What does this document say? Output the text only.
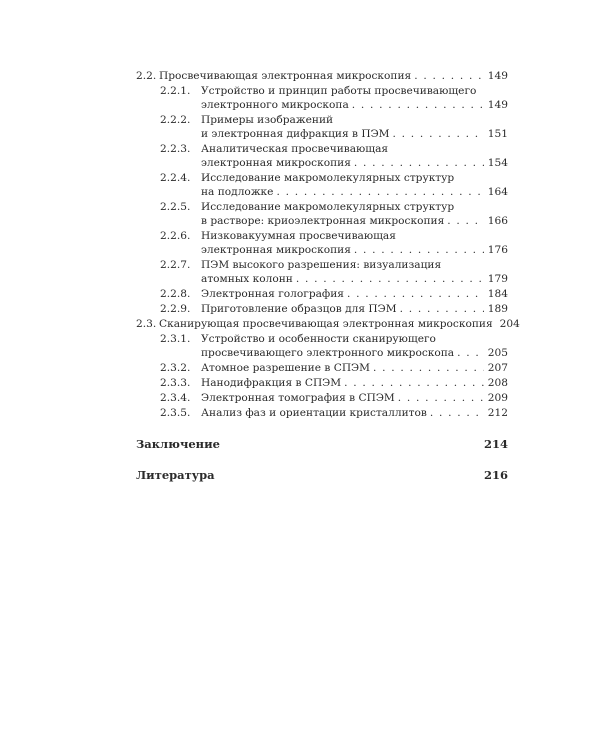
2.2. Просвечивающая электронная микроскопия . . .	149
2.2.1. Устройство и принцип работы просвечивающего
электронного микроскопа . . .	149
2.2.2. Примеры изображений
и электронная дифракция в ПЭМ . . .	151
2.2.3. Аналитическая просвечивающая
электронная микроскопия . . .	154
2.2.4. Исследование макромолекулярных структур
на подложке . . .	164
2.2.5. Исследование макромолекулярных структур
в растворе: криоэлектронная микроскопия . . .	166
2.2.6. Низковакуумная просвечивающая
электронная микроскопия . . .	176
2.2.7. ПЭМ высокого разрешения: визуализация
атомных колонн . . .	179
2.2.8. Электронная голография . . .	184
2.2.9. Приготовление образцов для ПЭМ . . .	189
2.3. Сканирующая просвечивающая электронная микроскопия 204
2.3.1. Устройство и особенности сканирующего
просвечивающего электронного микроскопа . . .	205
2.3.2. Атомное разрешение в СПЭМ . . .	207
2.3.3. Нанодифракция в СПЭМ . . .	208
2.3.4. Электронная томография в СПЭМ . . .	209
2.3.5. Анализ фаз и ориентации кристаллитов . . .	212
Заключение	214
Литература	216
